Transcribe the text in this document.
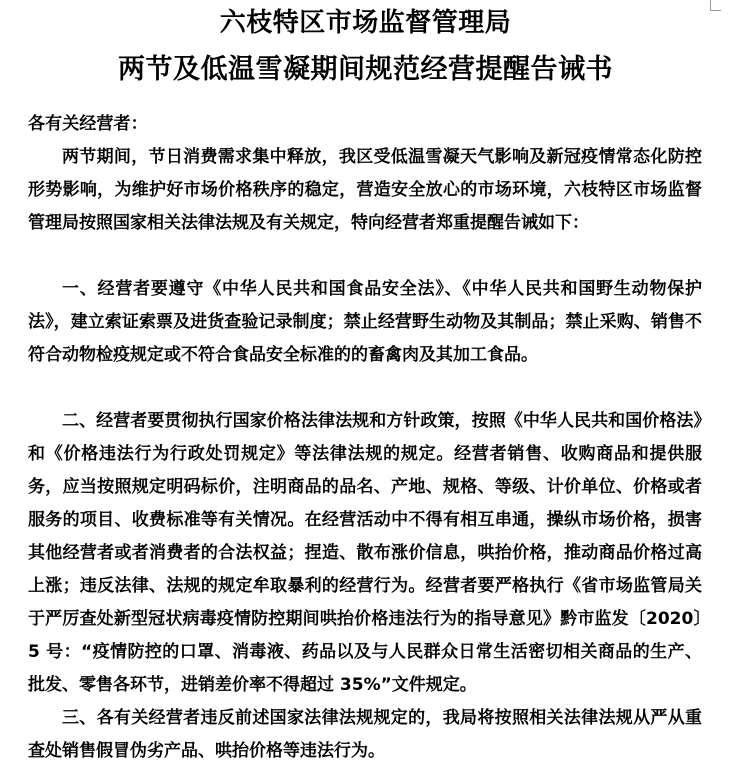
六枝特区市场监督管理局
两节及低温雪凝期间规范经营提醒告诫书
各有关经营者：
两节期间，节日消费需求集中释放，我区受低温雪凝天气影响及新冠疫情常态化防控形势影响，为维护好市场价格秩序的稳定，营造安全放心的市场环境，六枝特区市场监督管理局按照国家相关法律法规及有关规定，特向经营者郑重提醒告诫如下：
一、经营者要遵守《中华人民共和国食品安全法》、《中华人民共和国野生动物保护法》，建立索证索票及进货查验记录制度；禁止经营野生动物及其制品；禁止采购、销售不符合动物检疫规定或不符合食品安全标准的的畜禽肉及其加工食品。
二、经营者要贯彻执行国家价格法律法规和方针政策，按照《中华人民共和国价格法》和《价格违法行为行政处罚规定》等法律法规的规定。经营者销售、收购商品和提供服务，应当按照规定明码标价，注明商品的品名、产地、规格、等级、计价单位、价格或者服务的项目、收费标准等有关情况。在经营活动中不得有相互串通，操纵市场价格，损害其他经营者或者消费者的合法权益；捏造、散布涨价信息，哄抬价格，推动商品价格过高上涨；违反法律、法规的规定牟取暴利的经营行为。经营者要严格执行《省市场监管局关于严厉查处新型冠状病毒疫情防控期间哄抬价格违法行为的指导意见》黔市监发〔2020〕5 号：“疫情防控的口罩、消毒液、药品以及与人民群众日常生活密切相关商品的生产、批发、零售各环节，进销差价率不得超过 35%”文件规定。
三、各有关经营者违反前述国家法律法规规定的，我局将按照相关法律法规从严从重查处销售假冒伪劣产品、哄抬价格等违法行为。
